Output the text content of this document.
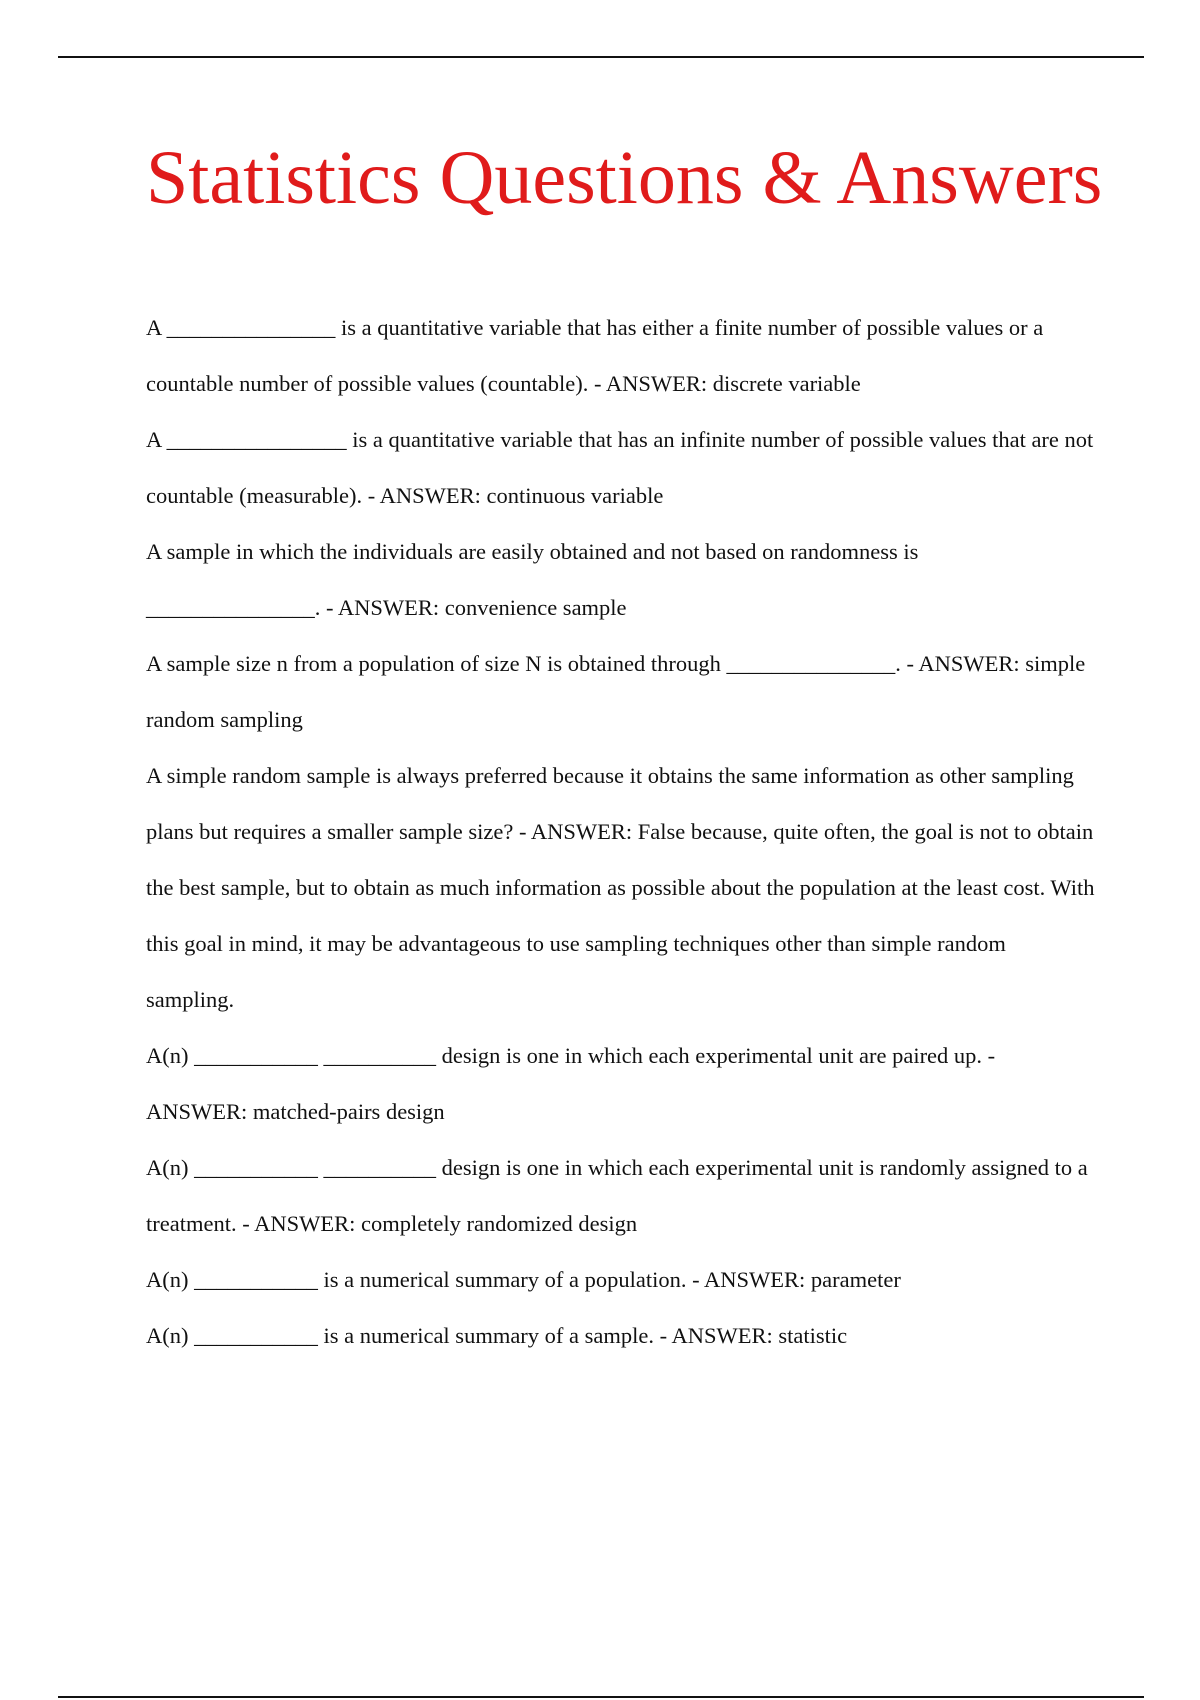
Statistics Questions & Answers

A _______________ is a quantitative variable that has either a finite number of possible values or a countable number of possible values (countable). - ANSWER: discrete variable

A ________________ is a quantitative variable that has an infinite number of possible values that are not countable (measurable). - ANSWER: continuous variable

A sample in which the individuals are easily obtained and not based on randomness is _______________. - ANSWER: convenience sample

A sample size n from a population of size N is obtained through _______________. - ANSWER: simple random sampling

A simple random sample is always preferred because it obtains the same information as other sampling plans but requires a smaller sample size? - ANSWER: False because, quite often, the goal is not to obtain the best sample, but to obtain as much information as possible about the population at the least cost. With this goal in mind, it may be advantageous to use sampling techniques other than simple random sampling.

A(n) ___________ __________ design is one in which each experimental unit are paired up. - ANSWER: matched-pairs design

A(n) ___________ __________ design is one in which each experimental unit is randomly assigned to a treatment. - ANSWER: completely randomized design

A(n) ___________ is a numerical summary of a population. - ANSWER: parameter

A(n) ___________ is a numerical summary of a sample. - ANSWER: statistic
